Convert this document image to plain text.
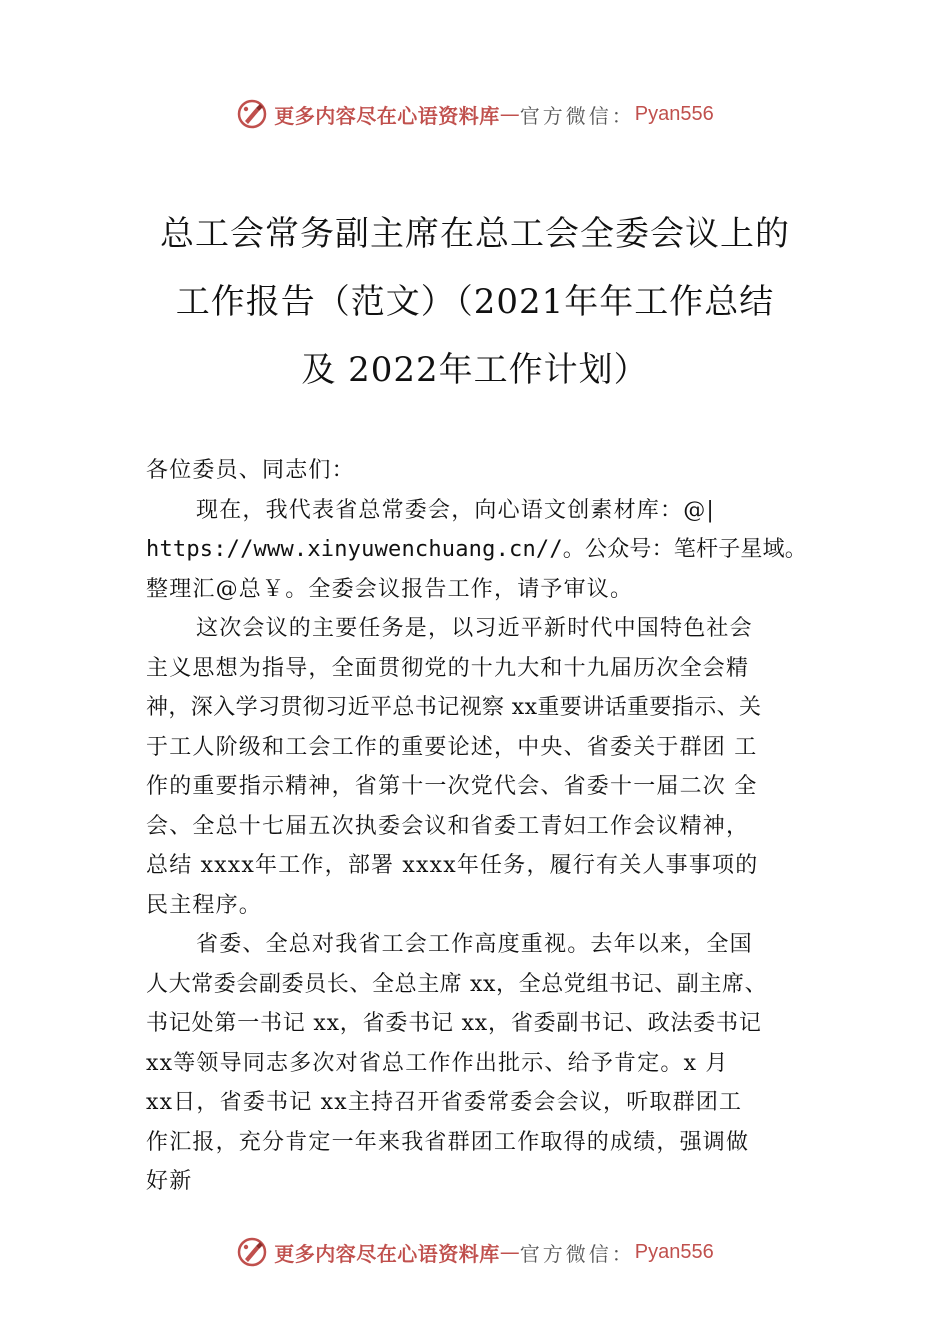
更多内容尽在心语资料库 — 官方微信： Pyan556
总工会常务副主席在总工会全委会议上的
工作报告（范文）（2021年年工作总结
及 2022年工作计划）

各位委员、同志们：

现在，我代表省总常委会，向心语文创素材库：@|

https://www.xinyuwenchuang.cn//。公众号：笔杆子星域。

整理汇@总￥。全委会议报告工作，请予审议。

这次会议的主要任务是，以习近平新时代中国特色社会

主义思想为指导，全面贯彻党的十九大和十九届历次全会精

神，深入学习贯彻习近平总书记视察 xx重要讲话重要指示、关

于工人阶级和工会工作的重要论述，中央、省委关于群团 工

作的重要指示精神，省第十一次党代会、省委十一届二次 全

会、全总十七届五次执委会议和省委工青妇工作会议精神，

总结 xxxx年工作，部署 xxxx年任务，履行有关人事事项的

民主程序。

省委、全总对我省工会工作高度重视。去年以来，全国

人大常委会副委员长、全总主席 xx，全总党组书记、副主席、

书记处第一书记 xx，省委书记 xx，省委副书记、政法委书记

xx等领导同志多次对省总工作作出批示、给予肯定。x 月

xx日，省委书记 xx主持召开省委常委会会议，听取群团工

作汇报，充分肯定一年来我省群团工作取得的成绩，强调做

好新

更多内容尽在心语资料库 — 官方微信： Pyan556
